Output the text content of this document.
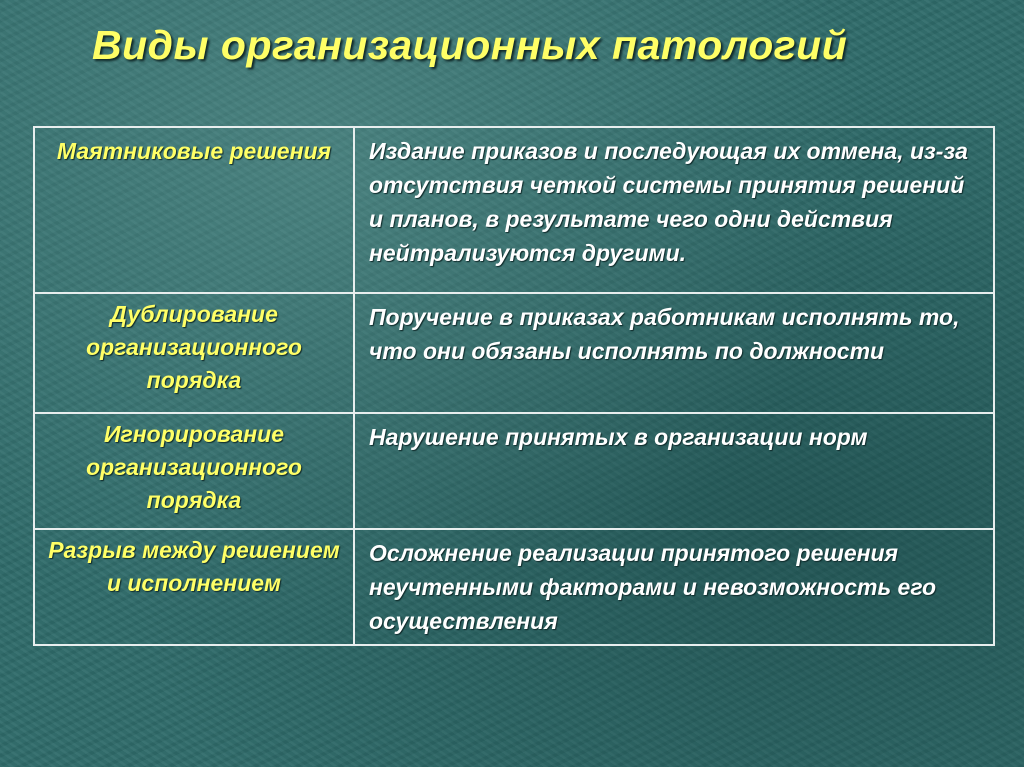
Виды организационных патологий
Маятниковые решения	Издание приказов и последующая их отмена, из-за отсутствия четкой системы принятия решений и планов, в результате чего одни действия нейтрализуются другими.
Дублирование организационного порядка	Поручение в приказах работникам исполнять то, что они обязаны исполнять по должности
Игнорирование организационного порядка	Нарушение принятых в организации норм
Разрыв между решением и исполнением	Осложнение реализации принятого решения неучтенными факторами и невозможность его осуществления
